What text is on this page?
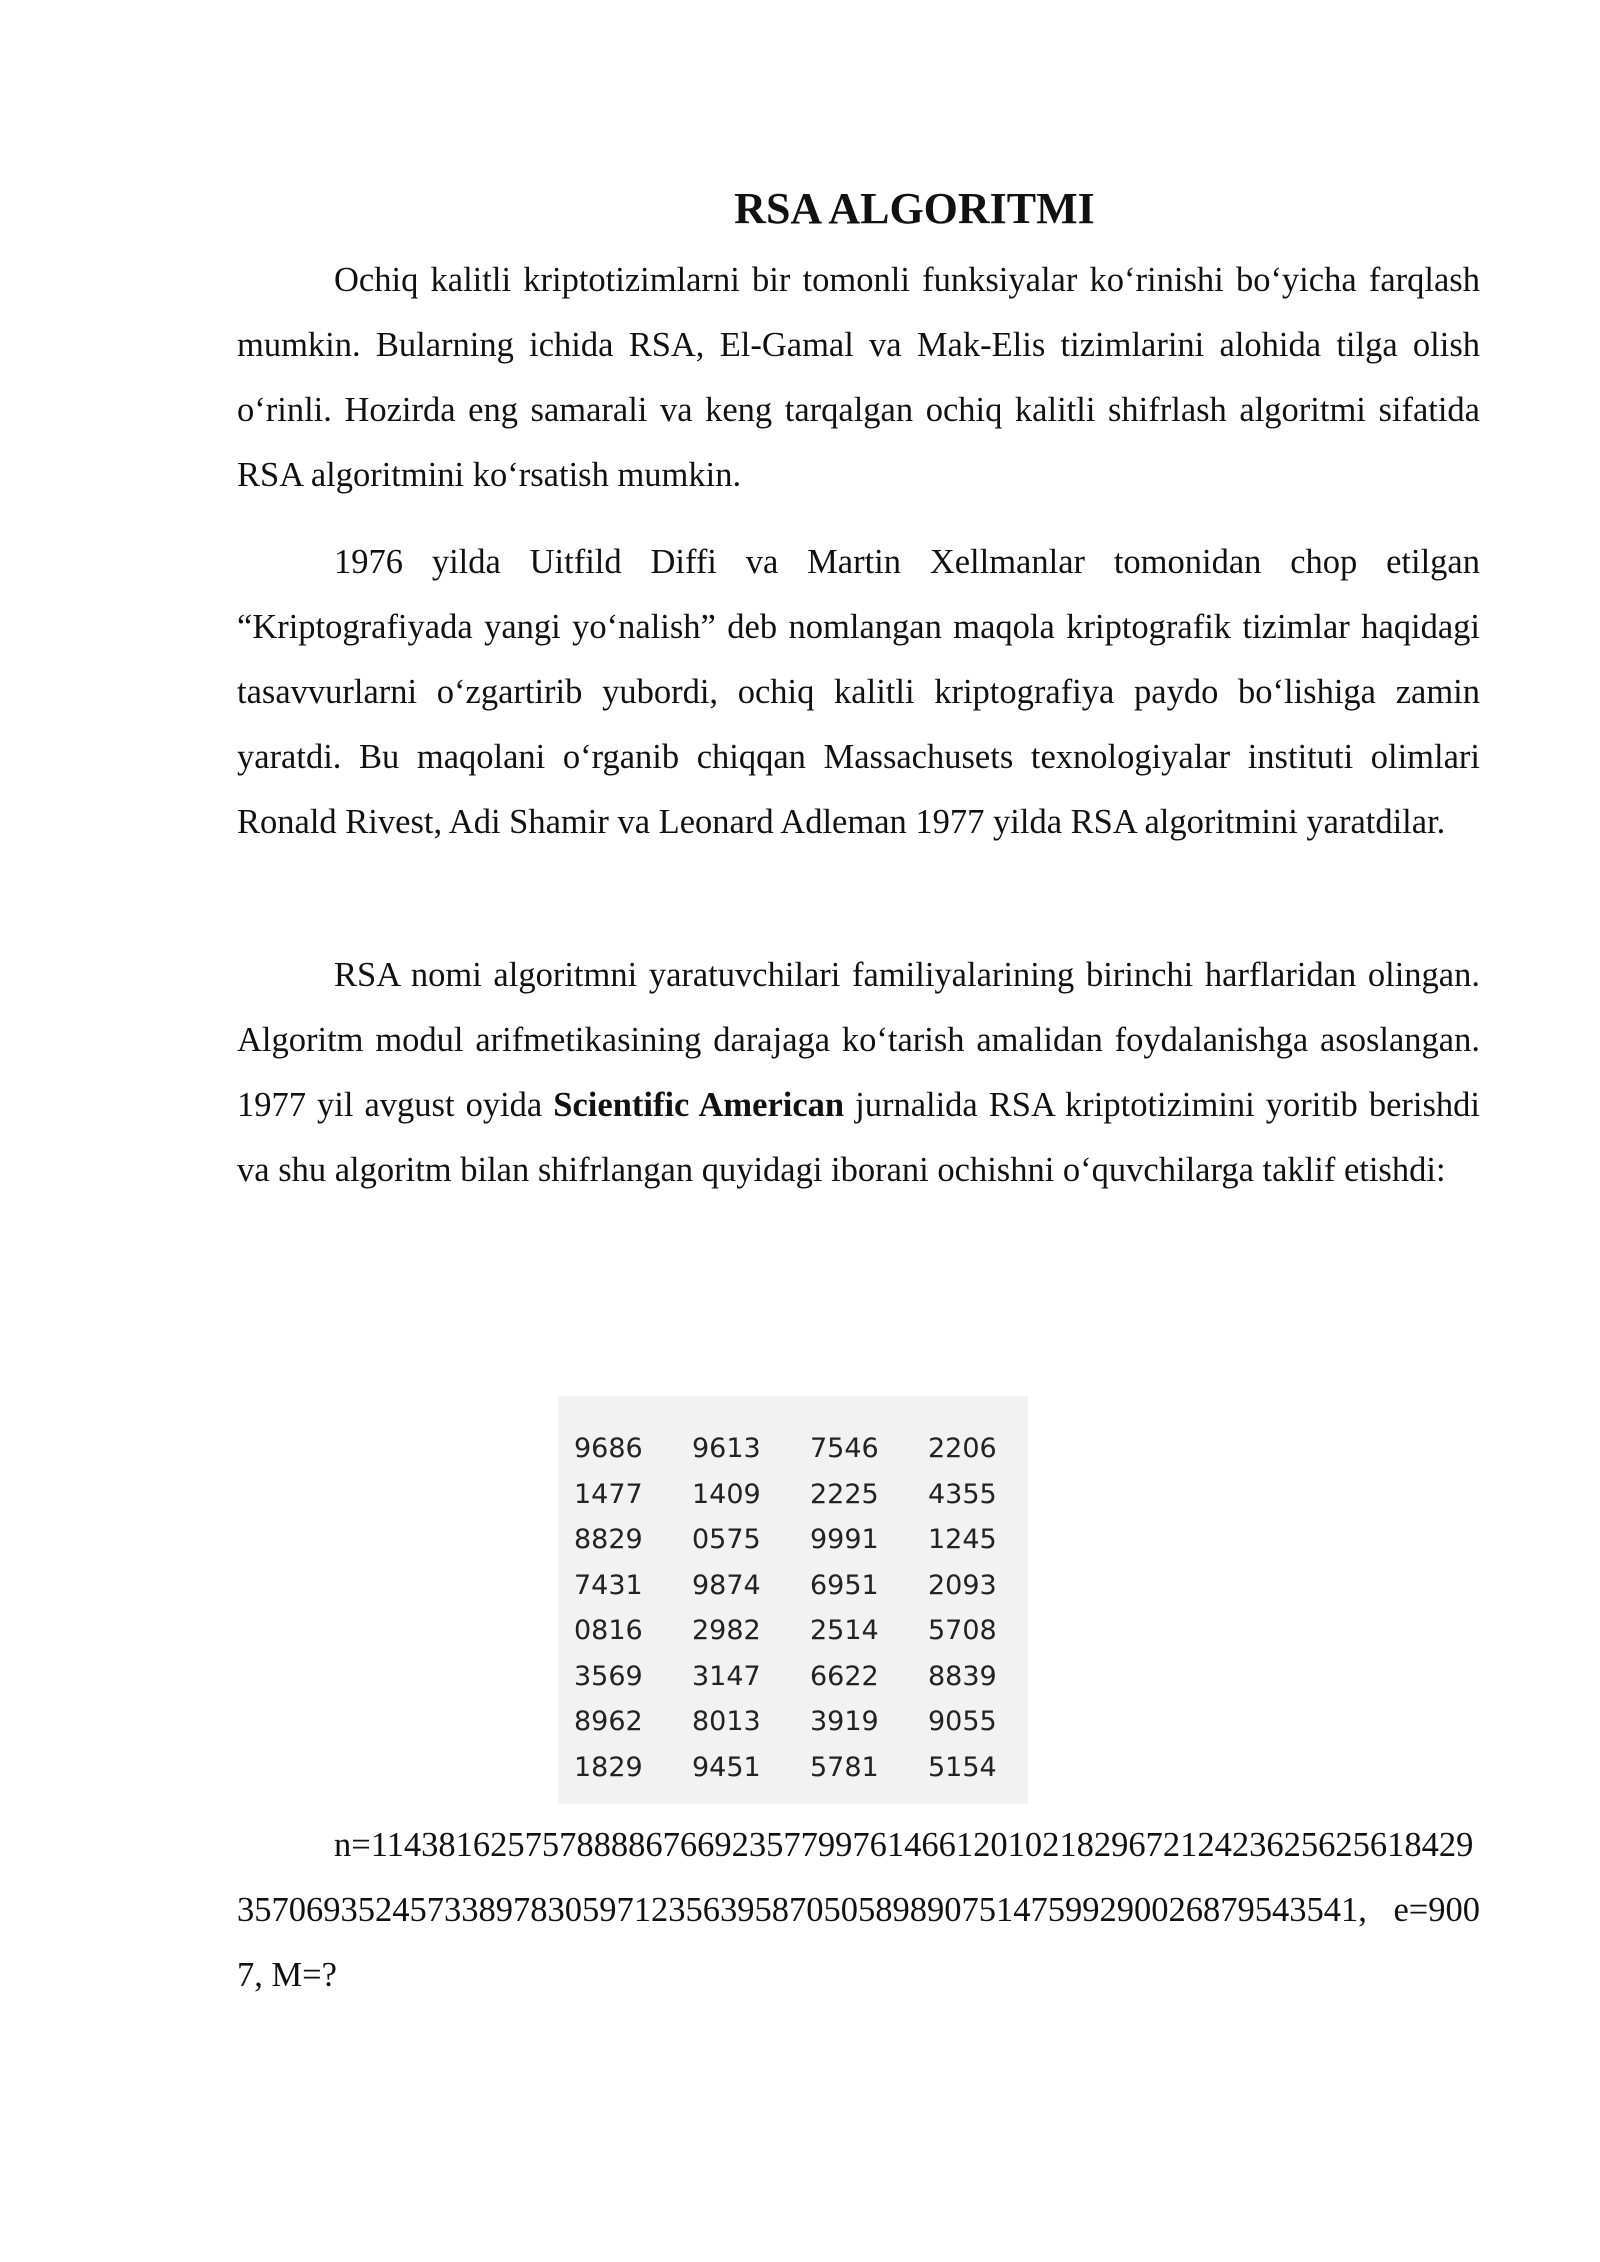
RSA ALGORITMI

Ochiq kalitli kriptotizimlarni bir tomonli funksiyalar ko‘rinishi bo‘yicha farqlash mumkin. Bularning ichida RSA, El-Gamal va Mak-Elis tizimlarini alohida tilga olish o‘rinli. Hozirda eng samarali va keng tarqalgan ochiq kalitli shifrlash algoritmi sifatida RSA algoritmini ko‘rsatish mumkin.

1976 yilda Uitfild Diffi va Martin Xellmanlar tomonidan chop etilgan “Kriptografiyada yangi yo‘nalish” deb nomlangan maqola kriptografik tizimlar haqidagi tasavvurlarni o‘zgartirib yubordi, ochiq kalitli kriptografiya paydo bo‘lishiga zamin yaratdi. Bu maqolani o‘rganib chiqqan Massachusets texnologiyalar instituti olimlari Ronald Rivest, Adi Shamir va Leonard Adleman 1977 yilda RSA algoritmini yaratdilar.

RSA nomi algoritmni yaratuvchilari familiyalarining birinchi harflaridan olingan. Algoritm modul arifmetikasining darajaga ko‘tarish amalidan foydalanishga asoslangan. 1977 yil avgust oyida Scientific American jurnalida RSA kriptotizimini yoritib berishdi va shu algoritm bilan shifrlangan quyidagi iborani ochishni o‘quvchilarga taklif etishdi:

n=114381625757888867669235779976146612010218296721242362562561842935706935245733897830597123563958705058989075147599290026879543541, e=9007, M=?

9686	9613	7546	2206
1477	1409	2225	4355
8829	0575	9991	1245
7431	9874	6951	2093
0816	2982	2514	5708
3569	3147	6622	8839
8962	8013	3919	9055
1829	9451	5781	5154
